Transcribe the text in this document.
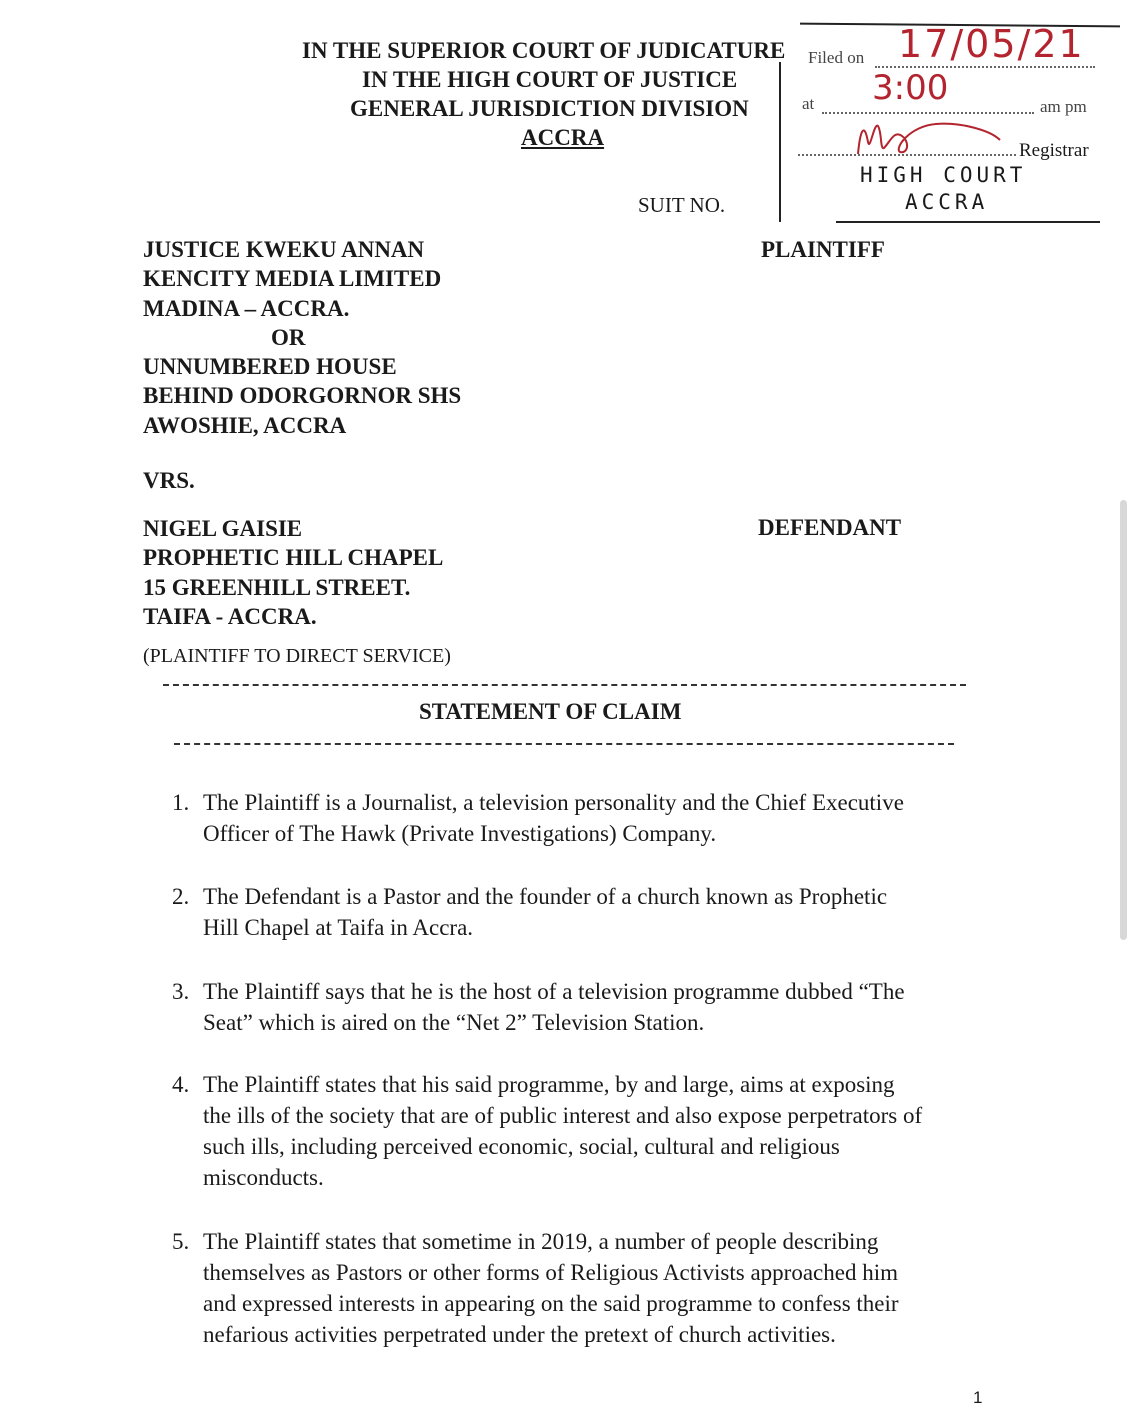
IN THE SUPERIOR COURT OF JUDICATURE
IN THE HIGH COURT OF JUSTICE
GENERAL JURISDICTION DIVISION
ACCRA
Filed on 17/05/21
at 3:00	am pm
Registrar
HIGH COURT
ACCRA
SUIT NO.
JUSTICE KWEKU ANNAN
KENCITY MEDIA LIMITED
MADINA – ACCRA.
OR
UNNUMBERED HOUSE
BEHIND ODORGORNOR SHS
AWOSHIE, ACCRA
PLAINTIFF
VRS.
NIGEL GAISIE
PROPHETIC HILL CHAPEL
15 GREENHILL STREET.
TAIFA - ACCRA.
DEFENDANT
(PLAINTIFF TO DIRECT SERVICE)
STATEMENT OF CLAIM
1. The Plaintiff is a Journalist, a television personality and the Chief Executive
Officer of The Hawk (Private Investigations) Company.
2. The Defendant is a Pastor and the founder of a church known as Prophetic
Hill Chapel at Taifa in Accra.
3. The Plaintiff says that he is the host of a television programme dubbed “The
Seat” which is aired on the “Net 2” Television Station.
4. The Plaintiff states that his said programme, by and large, aims at exposing
the ills of the society that are of public interest and also expose perpetrators of
such ills, including perceived economic, social, cultural and religious
misconducts.
5. The Plaintiff states that sometime in 2019, a number of people describing
themselves as Pastors or other forms of Religious Activists approached him
and expressed interests in appearing on the said programme to confess their
nefarious activities perpetrated under the pretext of church activities.
1
